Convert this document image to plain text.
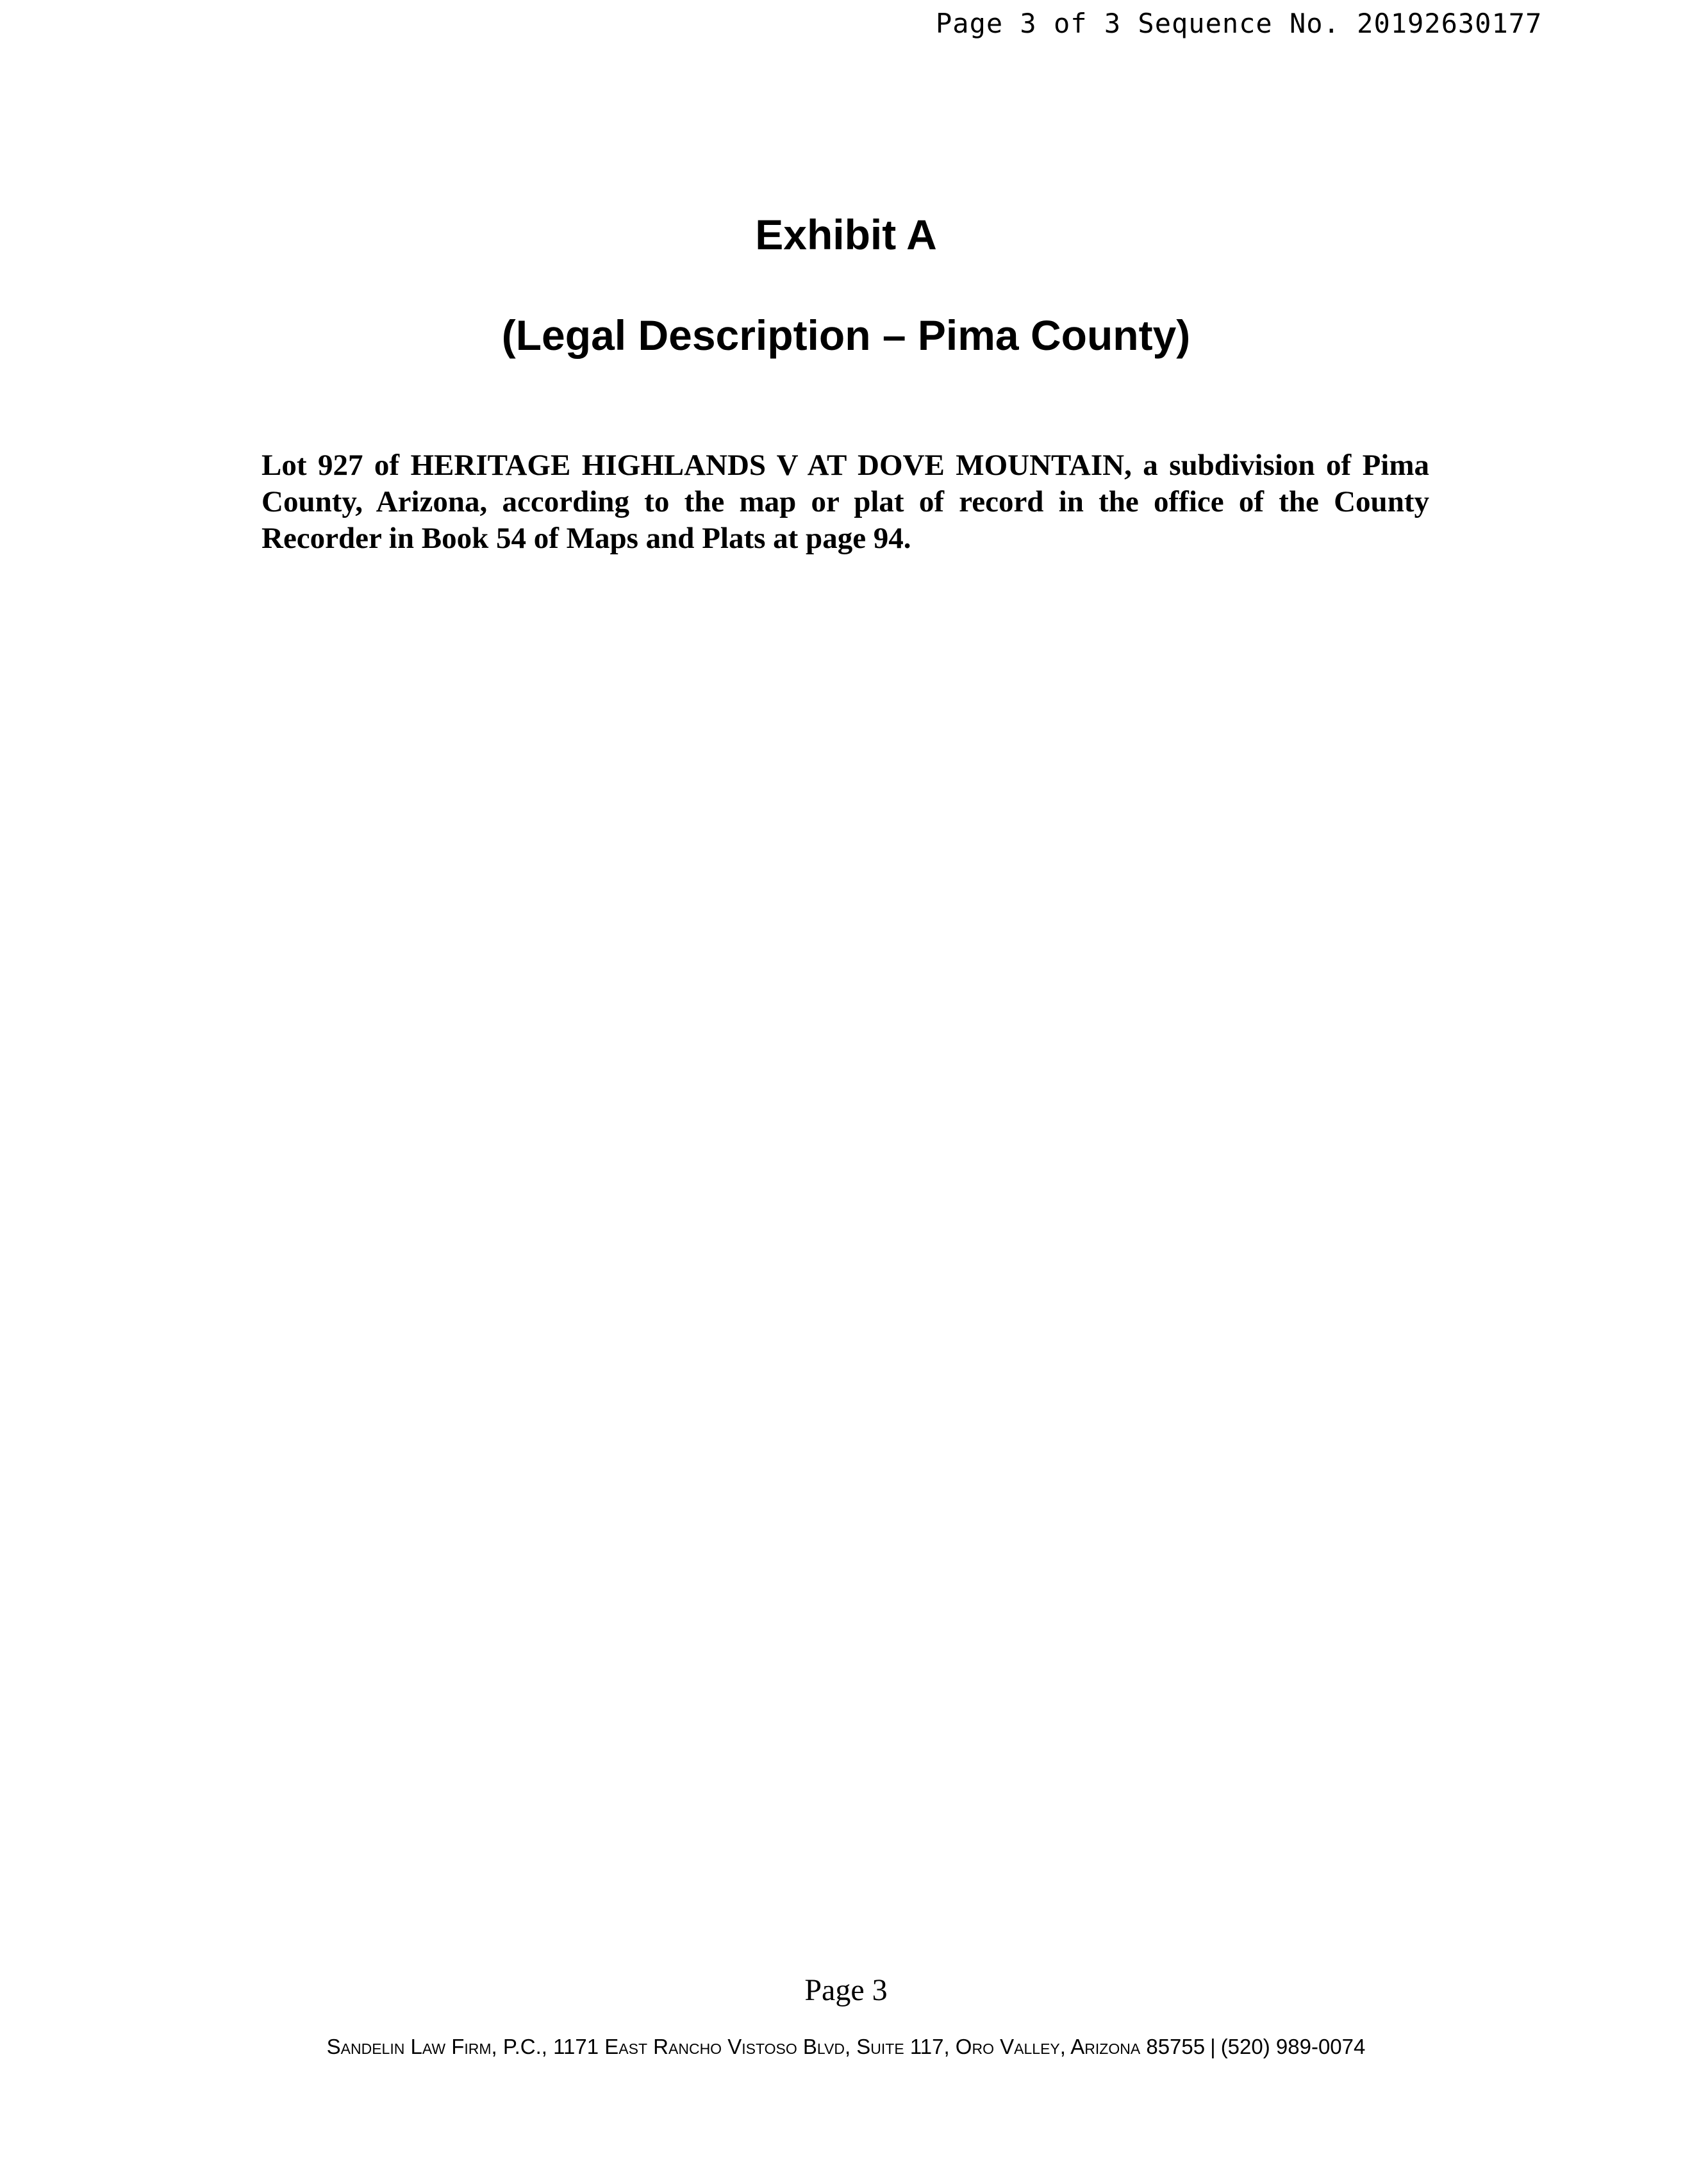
Page 3 of 3 Sequence No. 20192630177
Exhibit A
(Legal Description – Pima County)

Lot 927 of HERITAGE HIGHLANDS V AT DOVE MOUNTAIN, a subdivision of Pima County, Arizona, according to the map or plat of record in the office of the County Recorder in Book 54 of Maps and Plats at page 94.

Page 3
Sandelin Law Firm, P.C., 1171 East Rancho Vistoso Blvd, Suite 117, Oro Valley, Arizona 85755 | (520) 989-0074
